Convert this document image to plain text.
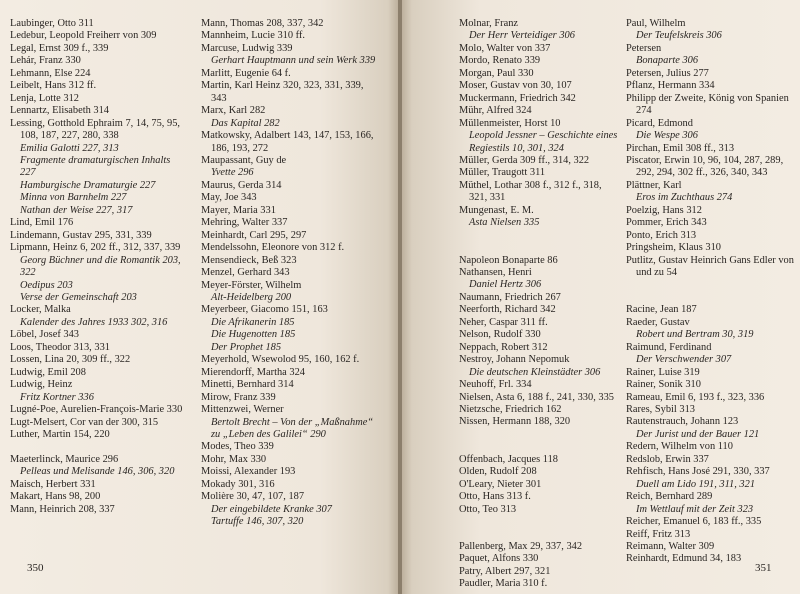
Laubinger, Otto 311
Ledebur, Leopold Freiherr von 309
Legal, Ernst 309 f., 339
Lehár, Franz 330
Lehmann, Else 224
Leibelt, Hans 312 ff.
Lenja, Lotte 312
Lennartz, Elisabeth 314
Lessing, Gotthold Ephraim 7, 14, 75, 95, 108, 187, 227, 280, 338
Emilia Galotti 227, 313
Fragmente dramaturgischen Inhalts 227
Hamburgische Dramaturgie 227
Minna von Barnhelm 227
Nathan der Weise 227, 317
Lind, Emil 176
Lindemann, Gustav 295, 331, 339
Lipmann, Heinz 6, 202 ff., 312, 337, 339
Georg Büchner und die Romantik 203, 322
Oedipus 203
Verse der Gemeinschaft 203
Locker, Malka
Kalender des Jahres 1933 302, 316
Löbel, Josef 343
Loos, Theodor 313, 331
Lossen, Lina 20, 309 ff., 322
Ludwig, Emil 208
Ludwig, Heinz
Fritz Kortner 336
Lugné-Poe, Aurelien-François-Marie 330
Lugt-Melsert, Cor van der 300, 315
Luther, Martin 154, 220
Maeterlinck, Maurice 296
Pelleas und Melisande 146, 306, 320
Maisch, Herbert 331
Makart, Hans 98, 200
Mann, Heinrich 208, 337
Mann, Thomas 208, 337, 342
Mannheim, Lucie 310 ff.
Marcuse, Ludwig 339
Gerhart Hauptmann und sein Werk 339
Marlitt, Eugenie 64 f.
Martin, Karl Heinz 320, 323, 331, 339, 343
Marx, Karl 282
Das Kapital 282
Matkowsky, Adalbert 143, 147, 153, 166, 186, 193, 272
Maupassant, Guy de
Yvette 296
Maurus, Gerda 314
May, Joe 343
Mayer, Maria 331
Mehring, Walter 337
Meinhardt, Carl 295, 297
Mendelssohn, Eleonore von 312 f.
Mensendieck, Beß 323
Menzel, Gerhard 343
Meyer-Förster, Wilhelm
Alt-Heidelberg 200
Meyerbeer, Giacomo 151, 163
Die Afrikanerin 185
Die Hugenotten 185
Der Prophet 185
Meyerhold, Wsewolod 95, 160, 162 f.
Mierendorff, Martha 324
Minetti, Bernhard 314
Mirow, Franz 339
Mittenzwei, Werner
Bertolt Brecht – Von der „Maßnahme“ zu „Leben des Galilei“ 290
Modes, Theo 339
Mohr, Max 330
Moissi, Alexander 193
Mokady 301, 316
Molière 30, 47, 107, 187
Der eingebildete Kranke 307
Tartuffe 146, 307, 320
350
Molnar, Franz
Der Herr Verteidiger 306
Molo, Walter von 337
Mordo, Renato 339
Morgan, Paul 330
Moser, Gustav von 30, 107
Muckermann, Friedrich 342
Mühr, Alfred 324
Müllenmeister, Horst 10
Leopold Jessner – Geschichte eines Regiestils 10, 301, 324
Müller, Gerda 309 ff., 314, 322
Müller, Traugott 311
Müthel, Lothar 308 f., 312 f., 318, 321, 331
Mungenast, E. M.
Asta Nielsen 335
Napoleon Bonaparte 86
Nathansen, Henri
Daniel Hertz 306
Naumann, Friedrich 267
Neerforth, Richard 342
Neher, Caspar 311 ff.
Nelson, Rudolf 330
Neppach, Robert 312
Nestroy, Johann Nepomuk
Die deutschen Kleinstädter 306
Neuhoff, Frl. 334
Nielsen, Asta 6, 188 f., 241, 330, 335
Nietzsche, Friedrich 162
Nissen, Hermann 188, 320
Offenbach, Jacques 118
Olden, Rudolf 208
O'Leary, Nieter 301
Otto, Hans 313 f.
Otto, Teo 313
Pallenberg, Max 29, 337, 342
Paquet, Alfons 330
Patry, Albert 297, 321
Paudler, Maria 310 f.
Paul, Wilhelm
Der Teufelskreis 306
Petersen
Bonaparte 306
Petersen, Julius 277
Pflanz, Hermann 334
Philipp der Zweite, König von Spanien 274
Picard, Edmond
Die Wespe 306
Pirchan, Emil 308 ff., 313
Piscator, Erwin 10, 96, 104, 287, 289, 292, 294, 302 ff., 326, 340, 343
Plättner, Karl
Eros im Zuchthaus 274
Poelzig, Hans 312
Pommer, Erich 343
Ponto, Erich 313
Pringsheim, Klaus 310
Putlitz, Gustav Heinrich Gans Edler von und zu 54
Racine, Jean 187
Raeder, Gustav
Robert und Bertram 30, 319
Raimund, Ferdinand
Der Verschwender 307
Rainer, Luise 319
Rainer, Sonik 310
Rameau, Emil 6, 193 f., 323, 336
Rares, Sybil 313
Rautenstrauch, Johann 123
Der Jurist und der Bauer 121
Redern, Wilhelm von 110
Redslob, Erwin 337
Rehfisch, Hans José 291, 330, 337
Duell am Lido 191, 311, 321
Reich, Bernhard 289
Im Wettlauf mit der Zeit 323
Reicher, Emanuel 6, 183 ff., 335
Reiff, Fritz 313
Reimann, Walter 309
Reinhardt, Edmund 34, 183
351
